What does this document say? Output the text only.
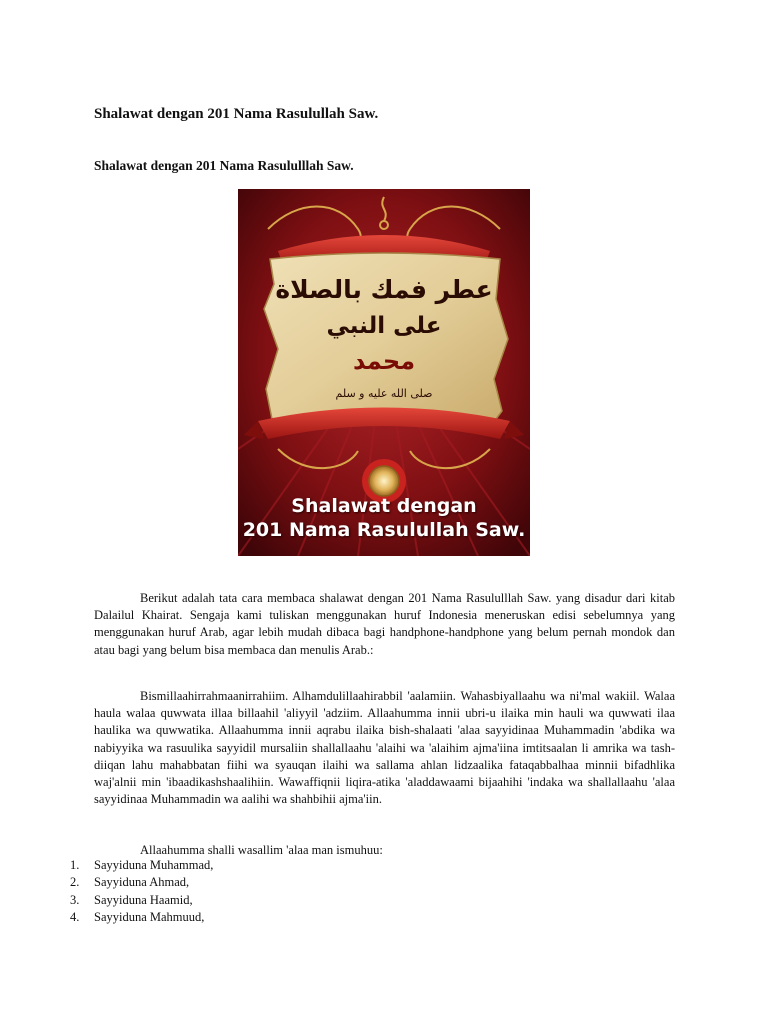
Shalawat dengan 201 Nama Rasulullah Saw.
Shalawat dengan 201 Nama Rasululllah Saw.
عطر فمك بالصلاة
على النبي
محمد
صلى الله عليه و سلم
Shalawat dengan
201 Nama Rasulullah Saw.

Berikut adalah tata cara membaca shalawat dengan 201 Nama Rasululllah Saw. yang disadur dari kitab Dalailul Khairat. Sengaja kami tuliskan menggunakan huruf Indonesia meneruskan edisi sebelumnya yang menggunakan huruf Arab, agar lebih mudah dibaca bagi handphone-handphone yang belum pernah mondok dan atau bagi yang belum bisa membaca dan menulis Arab.:

Bismillaahirrahmaanirrahiim. Alhamdulillaahirabbil 'aalamiin. Wahasbiyallaahu wa ni'mal wakiil. Walaa haula walaa quwwata illaa billaahil 'aliyyil 'adziim. Allaahumma innii ubri-u ilaika min hauli wa quwwati ilaa haulika wa quwwatika. Allaahumma innii aqrabu ilaika bish-shalaati 'alaa sayyidinaa Muhammadin 'abdika wa nabiyyika wa rasuulika sayyidil mursaliin shallallaahu 'alaihi wa 'alaihim ajma'iina imtitsaalan li amrika wa tash-diiqan lahu mahabbatan fiihi wa syauqan ilaihi wa sallama ahlan lidzaalika fataqabbalhaa minnii bifadhlika waj'alnii min 'ibaadikashshaalihiin. Wawaffiqnii liqira-atika 'aladdawaami bijaahihi 'indaka wa shallallaahu 'alaa sayyidinaa Muhammadin wa aalihi wa shahbihii ajma'iin.

Allaahumma shalli wasallim 'alaa man ismuhuu:

1.	Sayyiduna Muhammad,
2.	Sayyiduna Ahmad,
3.	Sayyiduna Haamid,
4.	Sayyiduna Mahmuud,
